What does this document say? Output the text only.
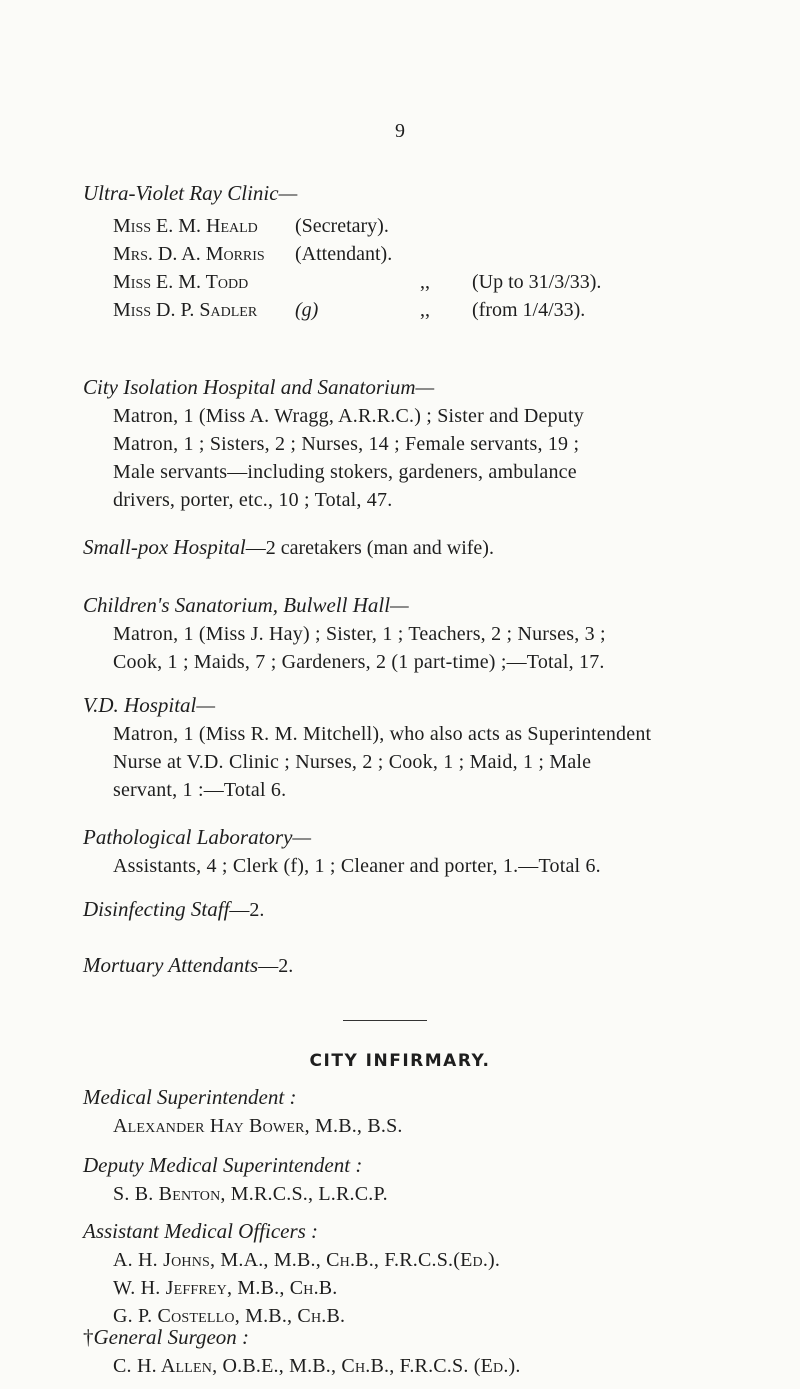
9
Ultra-Violet Ray Clinic—
Miss E. M. Heald	(Secretary).		
Mrs. D. A. Morris	(Attendant).		
Miss E. M. Todd		,,	(Up to 31/3/33).
Miss D. P. Sadler	(g)	,,	(from 1/4/33).
City Isolation Hospital and Sanatorium—
Matron, 1 (Miss A. Wragg, A.R.R.C.) ; Sister and Deputy
Matron, 1 ; Sisters, 2 ; Nurses, 14 ; Female servants, 19 ;
Male servants—including stokers, gardeners, ambulance
drivers, porter, etc., 10 ; Total, 47.
Small-pox Hospital—2 caretakers (man and wife).
Children's Sanatorium, Bulwell Hall—
Matron, 1 (Miss J. Hay) ; Sister, 1 ; Teachers, 2 ; Nurses, 3 ;
Cook, 1 ; Maids, 7 ; Gardeners, 2 (1 part-time) ;—Total, 17.
V.D. Hospital—
Matron, 1 (Miss R. M. Mitchell), who also acts as Superintendent
Nurse at V.D. Clinic ; Nurses, 2 ; Cook, 1 ; Maid, 1 ; Male
servant, 1 :—Total 6.
Pathological Laboratory—
Assistants, 4 ; Clerk (f), 1 ; Cleaner and porter, 1.—Total 6.
Disinfecting Staff—2.
Mortuary Attendants—2.
CITY INFIRMARY.
Medical Superintendent :
Alexander Hay Bower, M.B., B.S.
Deputy Medical Superintendent :
S. B. Benton, M.R.C.S., L.R.C.P.
Assistant Medical Officers :
A. H. Johns, M.A., M.B., Ch.B., F.R.C.S.(Ed.).
W. H. Jeffrey, M.B., Ch.B.
G. P. Costello, M.B., Ch.B.
†General Surgeon :
C. H. Allen, O.B.E., M.B., Ch.B., F.R.C.S. (Ed.).
